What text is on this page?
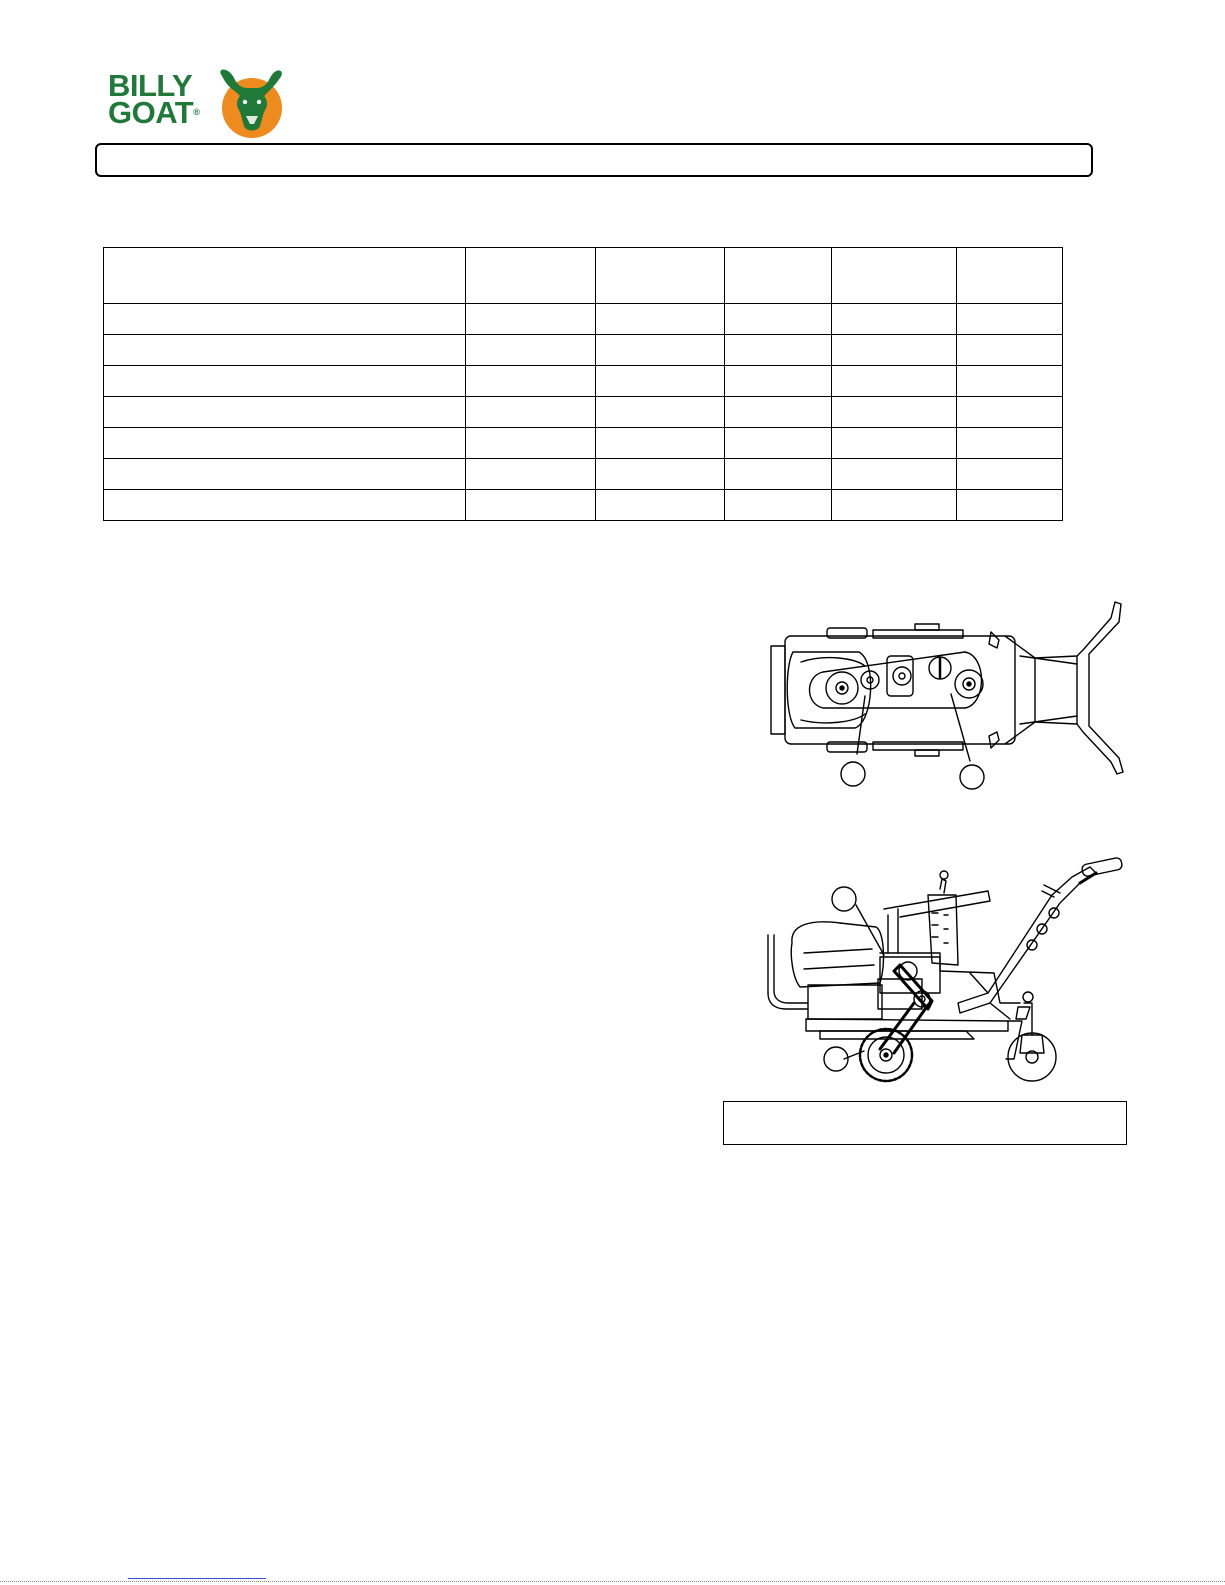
BILLY
GOAT®
